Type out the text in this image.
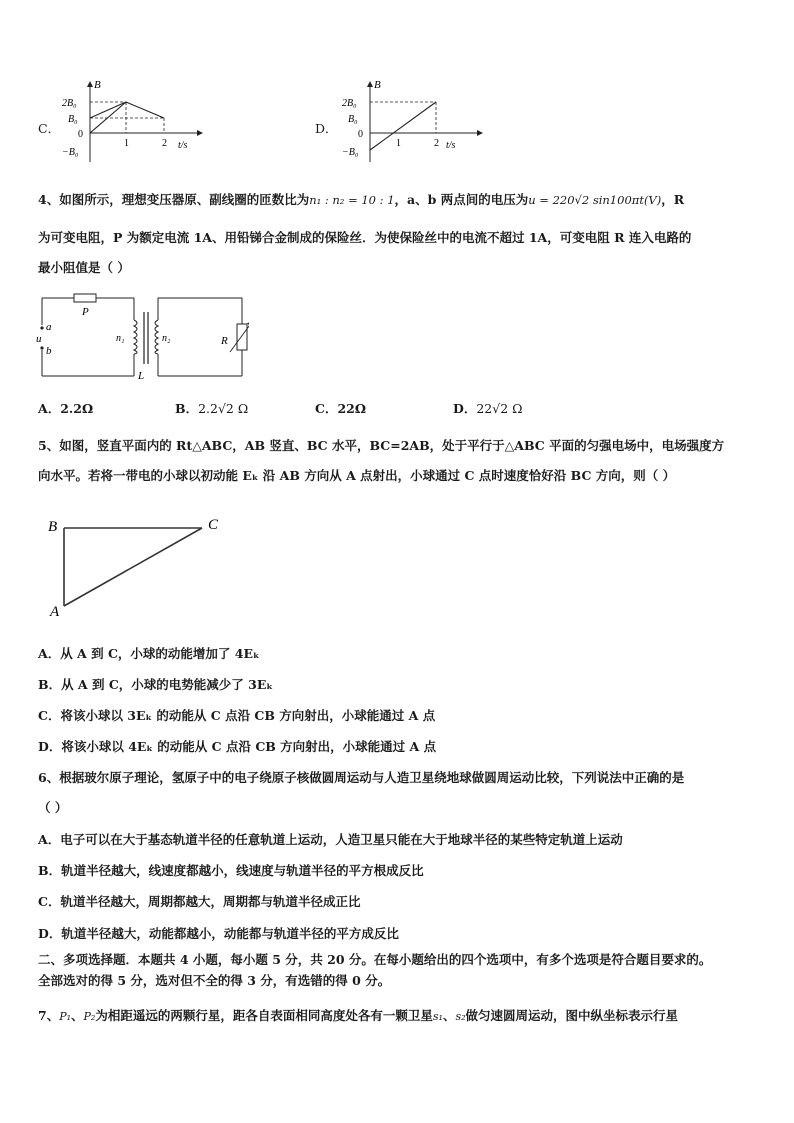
C．
B
t/s
2B₀
B₀
0
−B₀
1	2
D．
B
t/s
2B₀
B₀
0
−B₀
1	2
4、如图所示，理想变压器原、副线圈的匝数比为n₁ : n₂ = 10 : 1，a、b 两点间的电压为u = 220√2 sin100πt(V)，R
为可变电阻，P 为额定电流 1A、用铅锑合金制成的保险丝．为使保险丝中的电流不超过 1A，可变电阻 R 连入电路的
最小阻值是（ ）
P
a
u
b
n₁	n₂
L
R
A．2.2Ω	B．2.2√2 Ω	C．22Ω	D．22√2 Ω
5、如图，竖直平面内的 Rt△ABC，AB 竖直、BC 水平，BC=2AB，处于平行于△ABC 平面的匀强电场中，电场强度方
向水平。若将一带电的小球以初动能 Eₖ 沿 AB 方向从 A 点射出，小球通过 C 点时速度恰好沿 BC 方向，则（ ）
B	C
A
A．从 A 到 C，小球的动能增加了 4Eₖ
B．从 A 到 C，小球的电势能减少了 3Eₖ
C．将该小球以 3Eₖ 的动能从 C 点沿 CB 方向射出，小球能通过 A 点
D．将该小球以 4Eₖ 的动能从 C 点沿 CB 方向射出，小球能通过 A 点
6、根据玻尔原子理论，氢原子中的电子绕原子核做圆周运动与人造卫星绕地球做圆周运动比较，下列说法中正确的是
（ ）
A．电子可以在大于基态轨道半径的任意轨道上运动，人造卫星只能在大于地球半径的某些特定轨道上运动
B．轨道半径越大，线速度都越小，线速度与轨道半径的平方根成反比
C．轨道半径越大，周期都越大，周期都与轨道半径成正比
D．轨道半径越大，动能都越小，动能都与轨道半径的平方成反比
二、多项选择题．本题共 4 小题，每小题 5 分，共 20 分。在每小题给出的四个选项中，有多个选项是符合题目要求的。
全部选对的得 5 分，选对但不全的得 3 分，有选错的得 0 分。
7、P₁、P₂为相距遥远的两颗行星，距各自表面相同高度处各有一颗卫星s₁、s₂做匀速圆周运动，图中纵坐标表示行星
